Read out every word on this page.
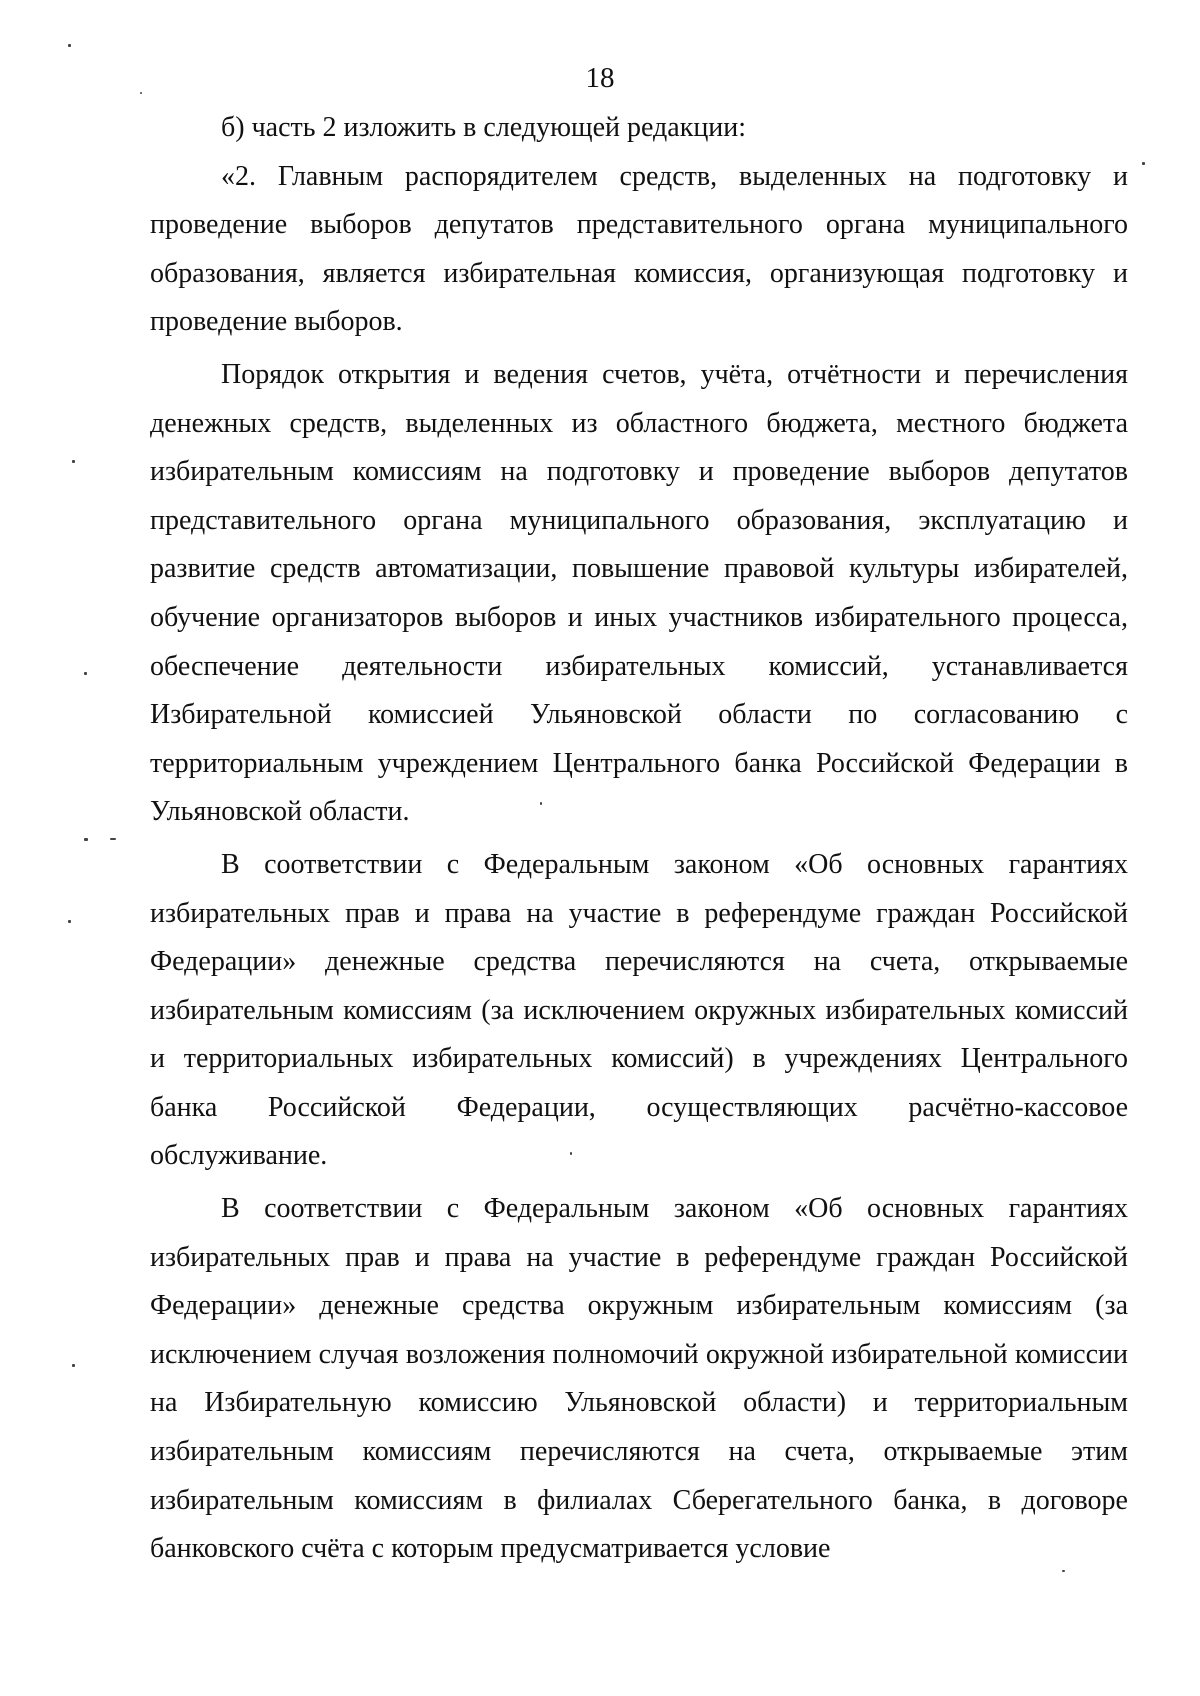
18

б) часть 2 изложить в следующей редакции:

«2. Главным распорядителем средств, выделенных на подготовку и проведение выборов депутатов представительного органа муниципального образования, является избирательная комиссия, организующая подготовку и проведение выборов.

Порядок открытия и ведения счетов, учёта, отчётности и перечисления денежных средств, выделенных из областного бюджета, местного бюджета избирательным комиссиям на подготовку и проведение выборов депутатов представительного органа муниципального образования, эксплуатацию и развитие средств автоматизации, повышение правовой культуры избирателей, обучение организаторов выборов и иных участников избирательного процесса, обеспечение деятельности избирательных комиссий, устанавливается Избирательной комиссией Ульяновской области по согласованию с территориальным учреждением Центрального банка Российской Федерации в Ульяновской области.

В соответствии с Федеральным законом «Об основных гарантиях избирательных прав и права на участие в референдуме граждан Российской Федерации» денежные средства перечисляются на счета, открываемые избирательным комиссиям (за исключением окружных избирательных комиссий и территориальных избирательных комиссий) в учреждениях Центрального банка Российской Федерации, осуществляющих расчётно-кассовое обслуживание.

В соответствии с Федеральным законом «Об основных гарантиях избирательных прав и права на участие в референдуме граждан Российской Федерации» денежные средства окружным избирательным комиссиям (за исключением случая возложения полномочий окружной избирательной комиссии на Избирательную комиссию Ульяновской области) и территориальным избирательным комиссиям перечисляются на счета, открываемые этим избирательным комиссиям в филиалах Сберегательного банка, в договоре банковского счёта с которым предусматривается условие
